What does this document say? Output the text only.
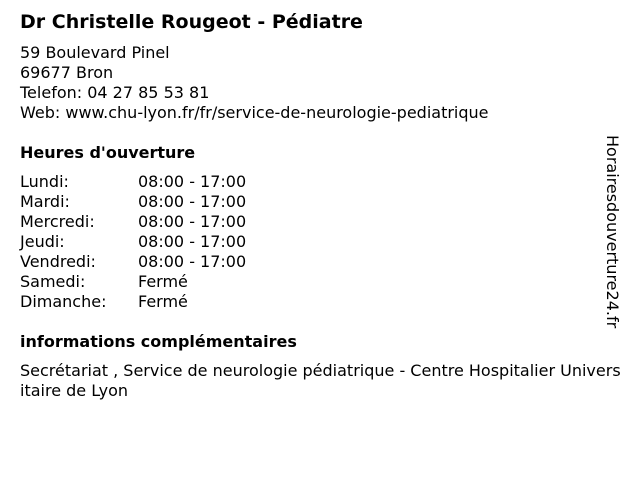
Dr Christelle Rougeot - Pédiatre
59 Boulevard Pinel
69677 Bron
Telefon: 04 27 85 53 81
Web: www.chu-lyon.fr/fr/service-de-neurologie-pediatrique
Heures d'ouverture
Lundi:	08:00 - 17:00
Mardi:	08:00 - 17:00
Mercredi:	08:00 - 17:00
Jeudi:	08:00 - 17:00
Vendredi:	08:00 - 17:00
Samedi:	Fermé
Dimanche:	Fermé
informations complémentaires
Secrétariat , Service de neurologie pédiatrique - Centre Hospitalier Universitaire de Lyon
Horairesdouverture24.fr
